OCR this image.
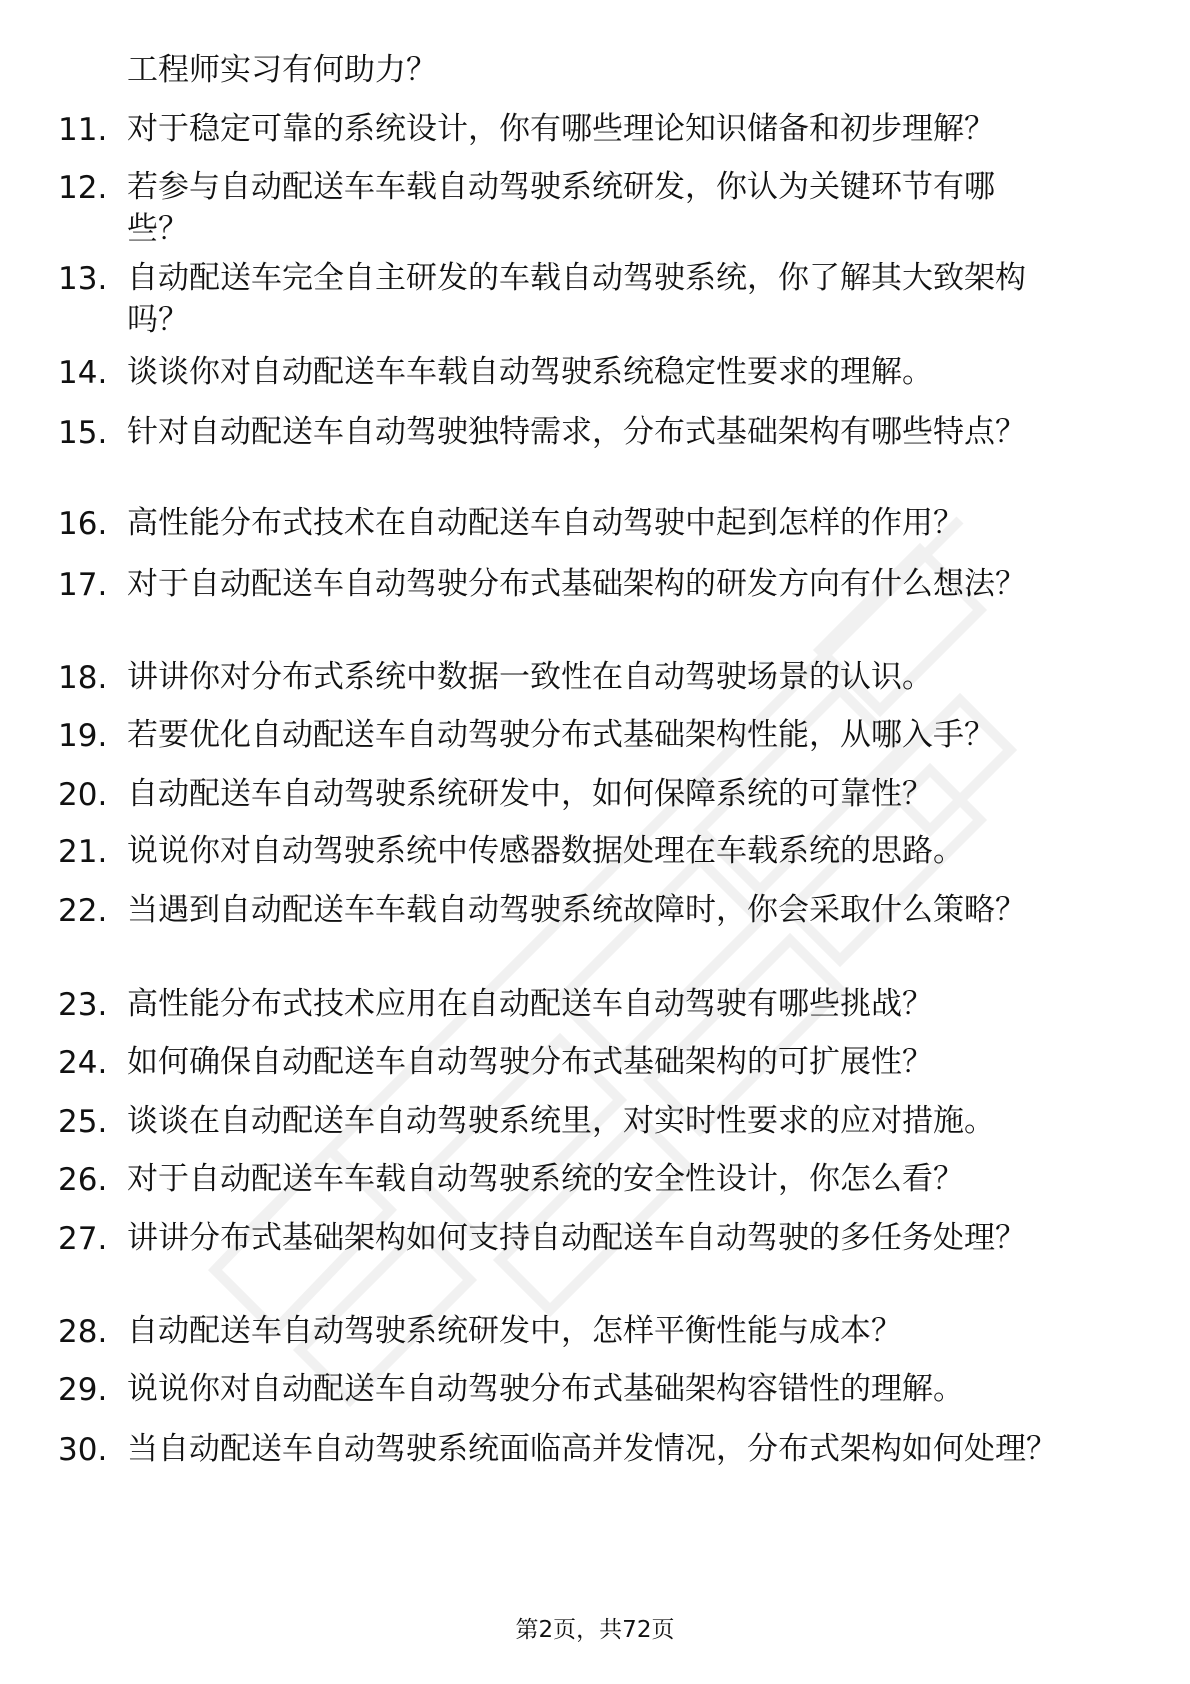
工程师实习有何助力？
11. 对于稳定可靠的系统设计，你有哪些理论知识储备和初步理解？
12. 若参与自动配送车车载自动驾驶系统研发，你认为关键环节有哪些？
13. 自动配送车完全自主研发的车载自动驾驶系统，你了解其大致架构吗？
14. 谈谈你对自动配送车车载自动驾驶系统稳定性要求的理解。
15. 针对自动配送车自动驾驶独特需求，分布式基础架构有哪些特点？
16. 高性能分布式技术在自动配送车自动驾驶中起到怎样的作用？
17. 对于自动配送车自动驾驶分布式基础架构的研发方向有什么想法？
18. 讲讲你对分布式系统中数据一致性在自动驾驶场景的认识。
19. 若要优化自动配送车自动驾驶分布式基础架构性能，从哪入手？
20. 自动配送车自动驾驶系统研发中，如何保障系统的可靠性？
21. 说说你对自动驾驶系统中传感器数据处理在车载系统的思路。
22. 当遇到自动配送车车载自动驾驶系统故障时，你会采取什么策略？
23. 高性能分布式技术应用在自动配送车自动驾驶有哪些挑战？
24. 如何确保自动配送车自动驾驶分布式基础架构的可扩展性？
25. 谈谈在自动配送车自动驾驶系统里，对实时性要求的应对措施。
26. 对于自动配送车车载自动驾驶系统的安全性设计，你怎么看？
27. 讲讲分布式基础架构如何支持自动配送车自动驾驶的多任务处理？
28. 自动配送车自动驾驶系统研发中，怎样平衡性能与成本？
29. 说说你对自动配送车自动驾驶分布式基础架构容错性的理解。
30. 当自动配送车自动驾驶系统面临高并发情况，分布式架构如何处理？
第2页，共72页
